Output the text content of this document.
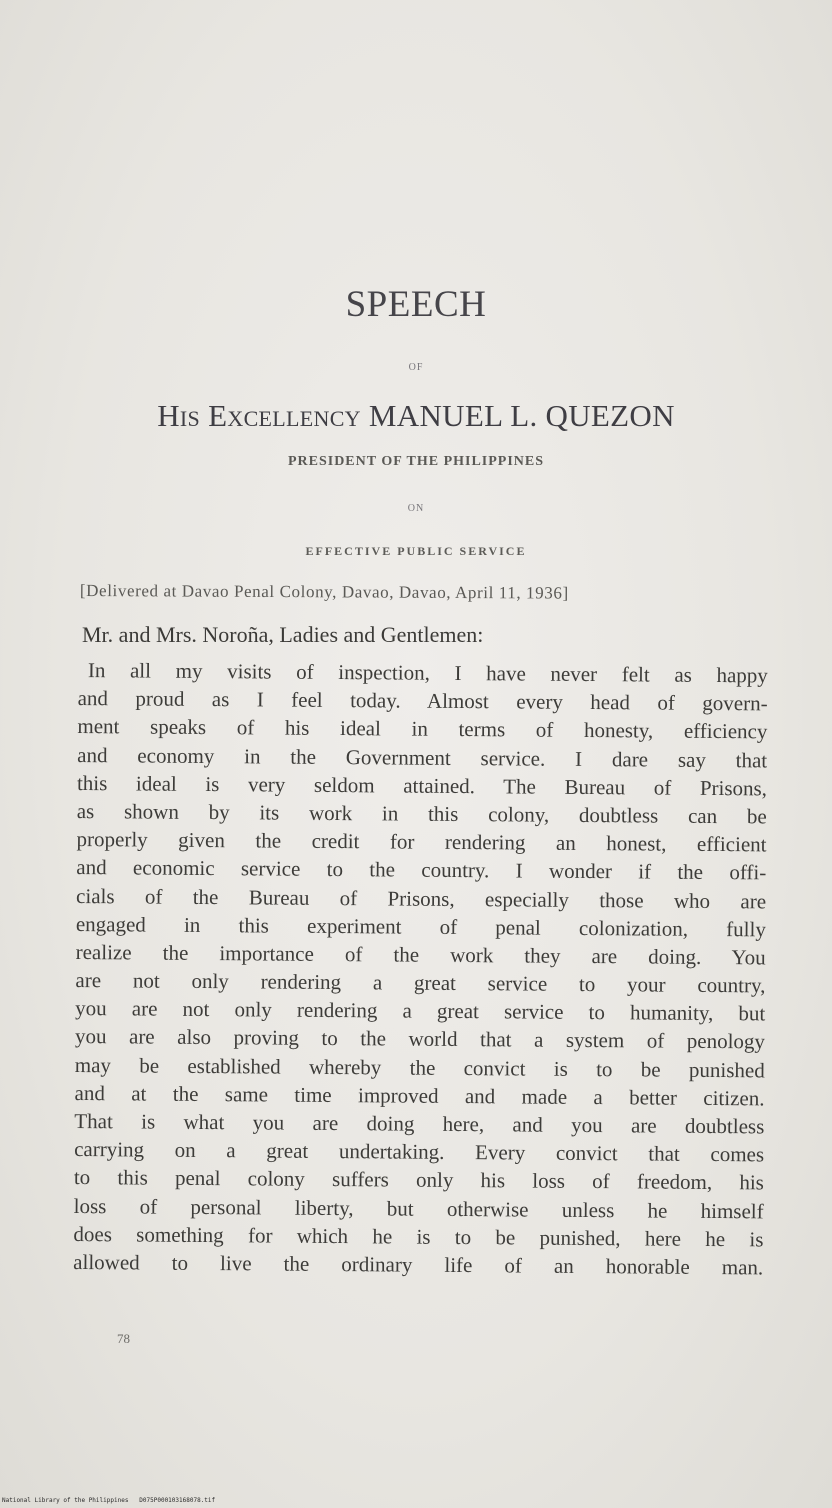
SPEECH
OF
HIS EXCELLENCY MANUEL L. QUEZON
PRESIDENT OF THE PHILIPPINES
ON
EFFECTIVE PUBLIC SERVICE
[Delivered at Davao Penal Colony, Davao, Davao, April 11, 1936]
Mr. and Mrs. Noroña, Ladies and Gentlemen:
In all my visits of inspection, I have never felt as happy
and proud as I feel today. Almost every head of govern-
ment speaks of his ideal in terms of honesty, efficiency
and economy in the Government service. I dare say that
this ideal is very seldom attained. The Bureau of Prisons,
as shown by its work in this colony, doubtless can be
properly given the credit for rendering an honest, efficient
and economic service to the country. I wonder if the offi-
cials of the Bureau of Prisons, especially those who are
engaged in this experiment of penal colonization, fully
realize the importance of the work they are doing. You
are not only rendering a great service to your country,
you are not only rendering a great service to humanity, but
you are also proving to the world that a system of penology
may be established whereby the convict is to be punished
and at the same time improved and made a better citizen.
That is what you are doing here, and you are doubtless
carrying on a great undertaking. Every convict that comes
to this penal colony suffers only his loss of freedom, his
loss of personal liberty, but otherwise unless he himself
does something for which he is to be punished, here he is
allowed to live the ordinary life of an honorable man.
78
National Library of the Philippines D075P000103168078.tif
